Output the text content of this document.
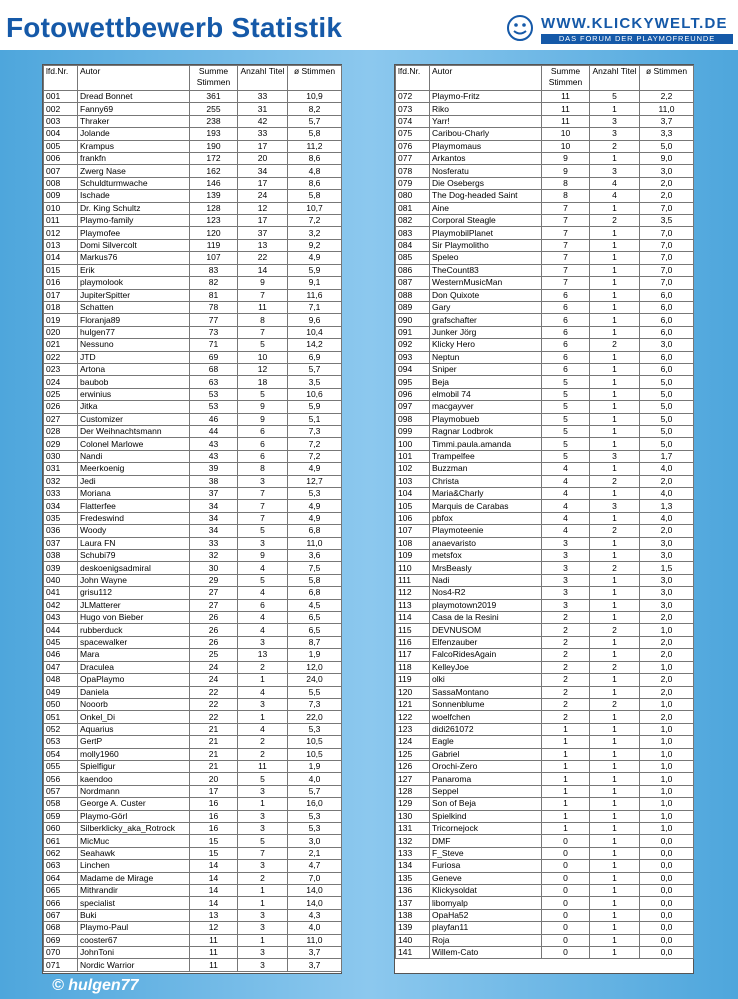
Fotowettbewerb Statistik	WWW.KLICKYWELT.DE
DAS FORUM DER PLAYMOFREUNDE
lfd.Nr.	Autor	Summe Stimmen	Anzahl Titel	ø Stimmen
001	Dread Bonnet	361	33	10,9
002	Fanny69	255	31	8,2
003	Thraker	238	42	5,7
004	Jolande	193	33	5,8
005	Krampus	190	17	11,2
006	frankfn	172	20	8,6
007	Zwerg Nase	162	34	4,8
008	Schuldturmwache	146	17	8,6
009	Ischade	139	24	5,8
010	Dr. King Schultz	128	12	10,7
011	Playmo-family	123	17	7,2
012	Playmofee	120	37	3,2
013	Domi Silvercolt	119	13	9,2
014	Markus76	107	22	4,9
015	Erik	83	14	5,9
016	playmolook	82	9	9,1
017	JupiterSpitter	81	7	11,6
018	Schatten	78	11	7,1
019	Floranja89	77	8	9,6
020	hulgen77	73	7	10,4
021	Nessuno	71	5	14,2
022	JTD	69	10	6,9
023	Artona	68	12	5,7
024	baubob	63	18	3,5
025	erwinius	53	5	10,6
026	Jitka	53	9	5,9
027	Customizer	46	9	5,1
028	Der Weihnachtsmann	44	6	7,3
029	Colonel Marlowe	43	6	7,2
030	Nandi	43	6	7,2
031	Meerkoenig	39	8	4,9
032	Jedi	38	3	12,7
033	Moriana	37	7	5,3
034	Flatterfee	34	7	4,9
035	Fredeswind	34	7	4,9
036	Woody	34	5	6,8
037	Laura FN	33	3	11,0
038	Schubi79	32	9	3,6
039	deskoenigsadmiral	30	4	7,5
040	John Wayne	29	5	5,8
041	grisu112	27	4	6,8
042	JLMatterer	27	6	4,5
043	Hugo von Bieber	26	4	6,5
044	rubberduck	26	4	6,5
045	spacewalker	26	3	8,7
046	Mara	25	13	1,9
047	Draculea	24	2	12,0
048	OpaPlaymo	24	1	24,0
049	Daniela	22	4	5,5
050	Nooorb	22	3	7,3
051	Onkel_Di	22	1	22,0
052	Aquarius	21	4	5,3
053	GertP	21	2	10,5
054	molly1960	21	2	10,5
055	Spielfigur	21	11	1,9
056	kaendoo	20	5	4,0
057	Nordmann	17	3	5,7
058	George A. Custer	16	1	16,0
059	Playmo-Görl	16	3	5,3
060	Silberklicky_aka_Rotrock	16	3	5,3
061	MicMuc	15	5	3,0
062	Seahawk	15	7	2,1
063	Linchen	14	3	4,7
064	Madame de Mirage	14	2	7,0
065	Mithrandir	14	1	14,0
066	specialist	14	1	14,0
067	Buki	13	3	4,3
068	Playmo-Paul	12	3	4,0
069	cooster67	11	1	11,0
070	JohnToni	11	3	3,7
071	Nordic Warrior	11	3	3,7
lfd.Nr.	Autor	Summe Stimmen	Anzahl Titel	ø Stimmen
072	Playmo-Fritz	11	5	2,2
073	Riko	11	1	11,0
074	Yarr!	11	3	3,7
075	Caribou-Charly	10	3	3,3
076	Playmomaus	10	2	5,0
077	Arkantos	9	1	9,0
078	Nosferatu	9	3	3,0
079	Die Osebergs	8	4	2,0
080	The Dog-headed Saint	8	4	2,0
081	Aine	7	1	7,0
082	Corporal Steagle	7	2	3,5
083	PlaymobilPlanet	7	1	7,0
084	Sir Playmolitho	7	1	7,0
085	Speleo	7	1	7,0
086	TheCount83	7	1	7,0
087	WesternMusicMan	7	1	7,0
088	Don Quixote	6	1	6,0
089	Gary	6	1	6,0
090	grafschafter	6	1	6,0
091	Junker Jörg	6	1	6,0
092	Klicky Hero	6	2	3,0
093	Neptun	6	1	6,0
094	Sniper	6	1	6,0
095	Beja	5	1	5,0
096	elmobil 74	5	1	5,0
097	macgayver	5	1	5,0
098	Playmobueb	5	1	5,0
099	Ragnar Lodbrok	5	1	5,0
100	Timmi.paula.amanda	5	1	5,0
101	Trampelfee	5	3	1,7
102	Buzzman	4	1	4,0
103	Christa	4	2	2,0
104	Maria&Charly	4	1	4,0
105	Marquis de Carabas	4	3	1,3
106	pbfox	4	1	4,0
107	Playmoteenie	4	2	2,0
108	anaevaristo	3	1	3,0
109	metsfox	3	1	3,0
110	MrsBeasly	3	2	1,5
111	Nadi	3	1	3,0
112	Nos4-R2	3	1	3,0
113	playmotown2019	3	1	3,0
114	Casa de la Resini	2	1	2,0
115	DEVNUSOM	2	2	1,0
116	Elfenzauber	2	1	2,0
117	FalcoRidesAgain	2	1	2,0
118	KelleyJoe	2	2	1,0
119	olki	2	1	2,0
120	SassaMontano	2	1	2,0
121	Sonnenblume	2	2	1,0
122	woelfchen	2	1	2,0
123	didi261072	1	1	1,0
124	Eagle	1	1	1,0
125	Gabriel	1	1	1,0
126	Orochi-Zero	1	1	1,0
127	Panaroma	1	1	1,0
128	Seppel	1	1	1,0
129	Son of Beja	1	1	1,0
130	Spielkind	1	1	1,0
131	Tricornejock	1	1	1,0
132	DMF	0	1	0,0
133	F_Steve	0	1	0,0
134	Furiosa	0	1	0,0
135	Geneve	0	1	0,0
136	Klickysoldat	0	1	0,0
137	libomyalp	0	1	0,0
138	OpaHa52	0	1	0,0
139	playfan11	0	1	0,0
140	Roja	0	1	0,0
141	Willem-Cato	0	1	0,0
© hulgen77
